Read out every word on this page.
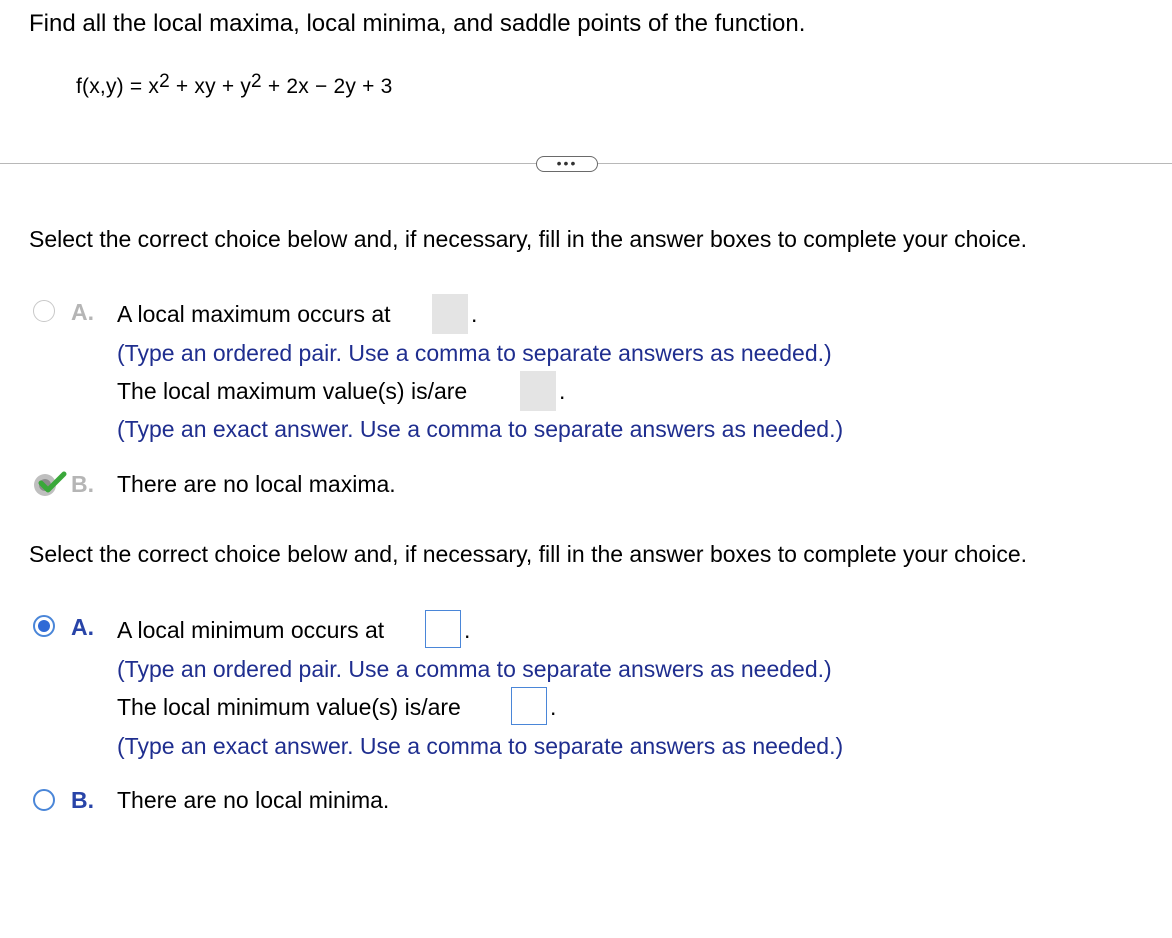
Find all the local maxima, local minima, and saddle points of the function.
$f(x,y) = x^2$ + xy + $y^2 + 2x - 2y + 3$
•••
Select the correct choice below and, if necessary, fill in the answer boxes to complete your choice.
A. A local maximum occurs at	.
(Type an ordered pair. Use a comma to separate answers as needed.)
The local maximum value(s) is/are	.
(Type an exact answer. Use a comma to separate answers as needed.)
B. There are no local maxima.
Select the correct choice below and, if necessary, fill in the answer boxes to complete your choice.
A. A local minimum occurs at	.
(Type an ordered pair. Use a comma to separate answers as needed.)
The local minimum value(s) is/are	.
(Type an exact answer. Use a comma to separate answers as needed.)
B. There are no local minima.
